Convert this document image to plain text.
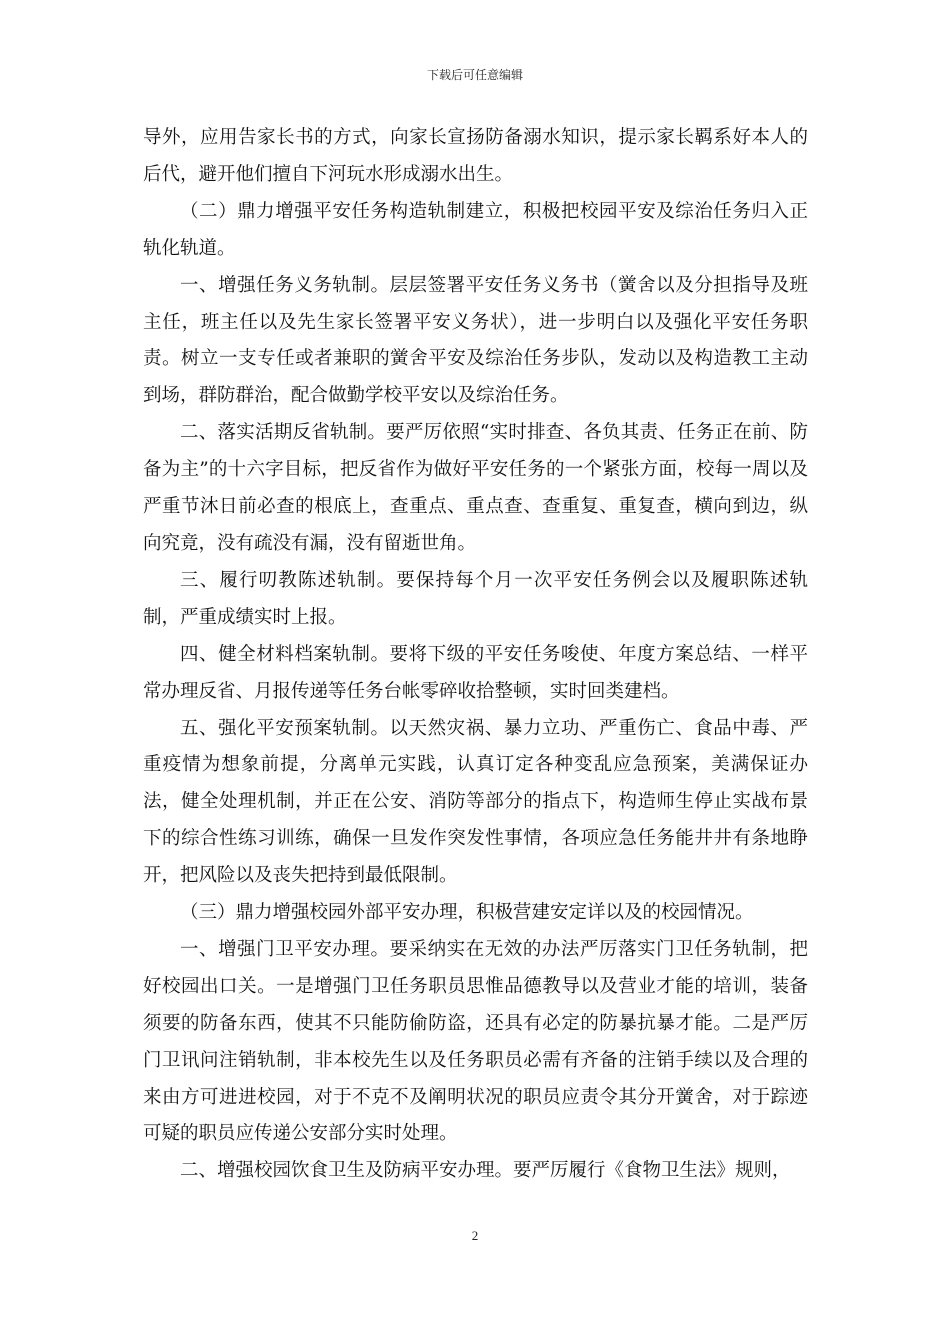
下载后可任意编辑

导外，应用告家长书的方式，向家长宣扬防备溺水知识，提示家长羁系好本人的后代，避开他们擅自下河玩水形成溺水出生。

（二）鼎力增强平安任务构造轨制建立，积极把校园平安及综治任务归入正轨化轨道。

一、增强任务义务轨制。层层签署平安任务义务书（黉舍以及分担指导及班主任，班主任以及先生家长签署平安义务状），进一步明白以及强化平安任务职责。树立一支专任或者兼职的黉舍平安及综治任务步队，发动以及构造教工主动到场，群防群治，配合做勤学校平安以及综治任务。

二、落实活期反省轨制。要严厉依照“实时排查、各负其责、任务正在前、防备为主”的十六字目标，把反省作为做好平安任务的一个紧张方面，校每一周以及严重节沐日前必查的根底上，查重点、重点查、查重复、重复查，横向到边，纵向究竟，没有疏没有漏，没有留逝世角。

三、履行叨教陈述轨制。要保持每个月一次平安任务例会以及履职陈述轨制，严重成绩实时上报。

四、健全材料档案轨制。要将下级的平安任务唆使、年度方案总结、一样平常办理反省、月报传递等任务台帐零碎收拾整顿，实时回类建档。

五、强化平安预案轨制。以天然灾祸、暴力立功、严重伤亡、食品中毒、严重疫情为想象前提，分离单元实践，认真订定各种变乱应急预案，美满保证办法，健全处理机制，并正在公安、消防等部分的指点下，构造师生停止实战布景下的综合性练习训练，确保一旦发作突发性事情，各项应急任务能井井有条地睁开，把风险以及丧失把持到最低限制。

（三）鼎力增强校园外部平安办理，积极营建安定详以及的校园情况。

一、增强门卫平安办理。要采纳实在无效的办法严厉落实门卫任务轨制，把好校园出口关。一是增强门卫任务职员思惟品德教导以及营业才能的培训，装备须要的防备东西，使其不只能防偷防盗，还具有必定的防暴抗暴才能。二是严厉门卫讯问注销轨制，非本校先生以及任务职员必需有齐备的注销手续以及合理的来由方可进进校园，对于不克不及阐明状况的职员应责令其分开黉舍，对于踪迹可疑的职员应传递公安部分实时处理。

二、增强校园饮食卫生及防病平安办理。要严厉履行《食物卫生法》规则，

2
